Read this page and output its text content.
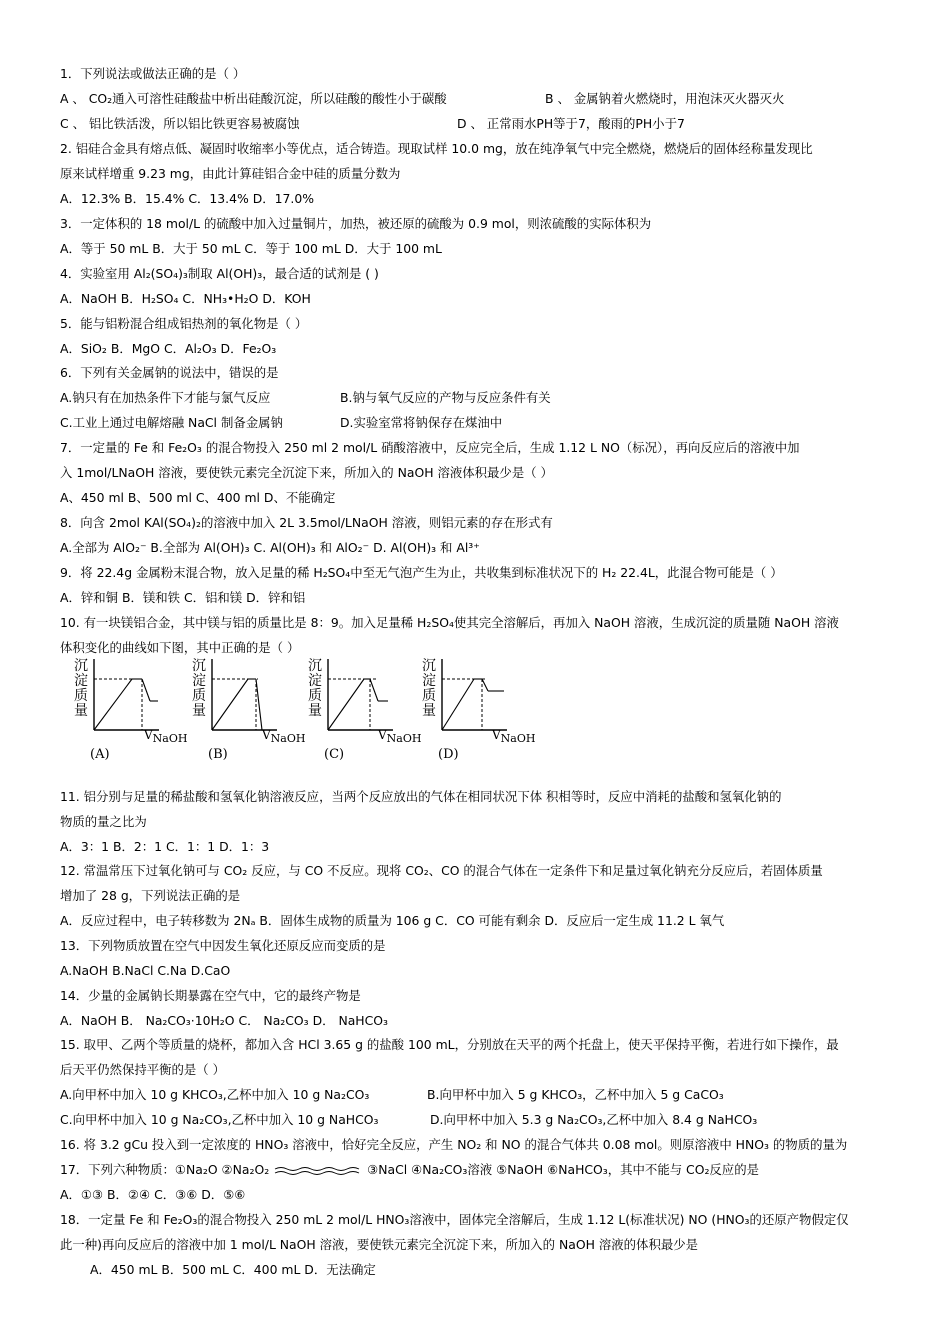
1．下列说法或做法正确的是（ ）
A 、 CO₂通入可溶性硅酸盐中析出硅酸沉淀，所以硅酸的酸性小于碳酸	B 、 金属钠着火燃烧时，用泡沫灭火器灭火
C 、 铝比铁活泼，所以铝比铁更容易被腐蚀	D 、 正常雨水PH等于7，酸雨的PH小于7
2. 铝硅合金具有熔点低、凝固时收缩率小等优点，适合铸造。现取试样 10.0 mg，放在纯净氧气中完全燃烧，燃烧后的固体经称量发现比
原来试样增重 9.23 mg，由此计算硅铝合金中硅的质量分数为
A．12.3% B．15.4% C．13.4% D．17.0%
3．一定体积的 18 mol/L 的硫酸中加入过量铜片，加热，被还原的硫酸为 0.9 mol，则浓硫酸的实际体积为
A．等于 50 mL B．大于 50 mL C．等于 100 mL D．大于 100 mL
4．实验室用 Al₂(SO₄)₃制取 Al(OH)₃，最合适的试剂是 ( )
A．NaOH B．H₂SO₄ C．NH₃•H₂O D．KOH
5．能与铝粉混合组成铝热剂的氧化物是（ ）
A．SiO₂ B．MgO C．Al₂O₃ D．Fe₂O₃
6．下列有关金属钠的说法中，错误的是
A.钠只有在加热条件下才能与氯气反应	B.钠与氧气反应的产物与反应条件有关
C.工业上通过电解熔融 NaCl 制备金属钠	D.实验室常将钠保存在煤油中
7．一定量的 Fe 和 Fe₂O₃ 的混合物投入 250 ml 2 mol/L 硝酸溶液中，反应完全后，生成 1.12 L NO（标况），再向反应后的溶液中加
入 1mol/LNaOH 溶液，要使铁元素完全沉淀下来，所加入的 NaOH 溶液体积最少是（ ）
A、450 ml B、500 ml C、400 ml D、不能确定
8．向含 2mol KAl(SO₄)₂的溶液中加入 2L 3.5mol/LNaOH 溶液，则铝元素的存在形式有
A.全部为 AlO₂⁻ B.全部为 Al(OH)₃ C. Al(OH)₃ 和 AlO₂⁻ D. Al(OH)₃ 和 Al³⁺
9．将 22.4g 金属粉末混合物，放入足量的稀 H₂SO₄中至无气泡产生为止，共收集到标准状况下的 H₂ 22.4L，此混合物可能是（ ）
A．锌和铜 B．镁和铁 C．铝和镁 D．锌和铝
10. 有一块镁铝合金，其中镁与铝的质量比是 8：9。加入足量稀 H₂SO₄使其完全溶解后，再加入 NaOH 溶液，生成沉淀的质量随 NaOH 溶液
体积变化的曲线如下图，其中正确的是（ ）
沉淀质量
$V_{NaOH}$
(A)
沉淀质量
$V_{NaOH}$
(B)
沉淀质量
$V_{NaOH}$
(C)
沉淀质量
$V_{NaOH}$
(D)
11. 铝分别与足量的稀盐酸和氢氧化钠溶液反应，当两个反应放出的气体在相同状况下体 积相等时，反应中消耗的盐酸和氢氧化钠的
物质的量之比为
A．3：1 B．2：1 C．1：1 D．1：3
12. 常温常压下过氧化钠可与 CO₂ 反应，与 CO 不反应。现将 CO₂、CO 的混合气体在一定条件下和足量过氧化钠充分反应后，若固体质量
增加了 28 g，下列说法正确的是
A．反应过程中，电子转移数为 2Nₐ B．固体生成物的质量为 106 g C．CO 可能有剩余 D．反应后一定生成 11.2 L 氧气
13．下列物质放置在空气中因发生氧化还原反应而变质的是
A.NaOH B.NaCl C.Na D.CaO
14．少量的金属钠长期暴露在空气中，它的最终产物是
A．NaOH B． Na₂CO₃·10H₂O C． Na₂CO₃ D． NaHCO₃
15. 取甲、乙两个等质量的烧杯，都加入含 HCl 3.65 g 的盐酸 100 mL，分别放在天平的两个托盘上，使天平保持平衡，若进行如下操作，最
后天平仍然保持平衡的是（ ）
A.向甲杯中加入 10 g KHCO₃,乙杯中加入 10 g Na₂CO₃	B.向甲杯中加入 5 g KHCO₃，乙杯中加入 5 g CaCO₃
C.向甲杯中加入 10 g Na₂CO₃,乙杯中加入 10 g NaHCO₃	D.向甲杯中加入 5.3 g Na₂CO₃,乙杯中加入 8.4 g NaHCO₃
16. 将 3.2 gCu 投入到一定浓度的 HNO₃ 溶液中，恰好完全反应，产生 NO₂ 和 NO 的混合气体共 0.08 mol。则原溶液中 HNO₃ 的物质的量为
17．下列六种物质：①Na₂O ②Na₂O₂	③NaCl ④Na₂CO₃溶液 ⑤NaOH ⑥NaHCO₃，其中不能与 CO₂反应的是
A．①③ B．②④ C．③⑥ D．⑤⑥
18．一定量 Fe 和 Fe₂O₃的混合物投入 250 mL 2 mol/L HNO₃溶液中，固体完全溶解后，生成 1.12 L(标准状况) NO (HNO₃的还原产物假定仅
此一种)再向反应后的溶液中加 1 mol/L NaOH 溶液，要使铁元素完全沉淀下来，所加入的 NaOH 溶液的体积最少是
A．450 mL B．500 mL C．400 mL D．无法确定
